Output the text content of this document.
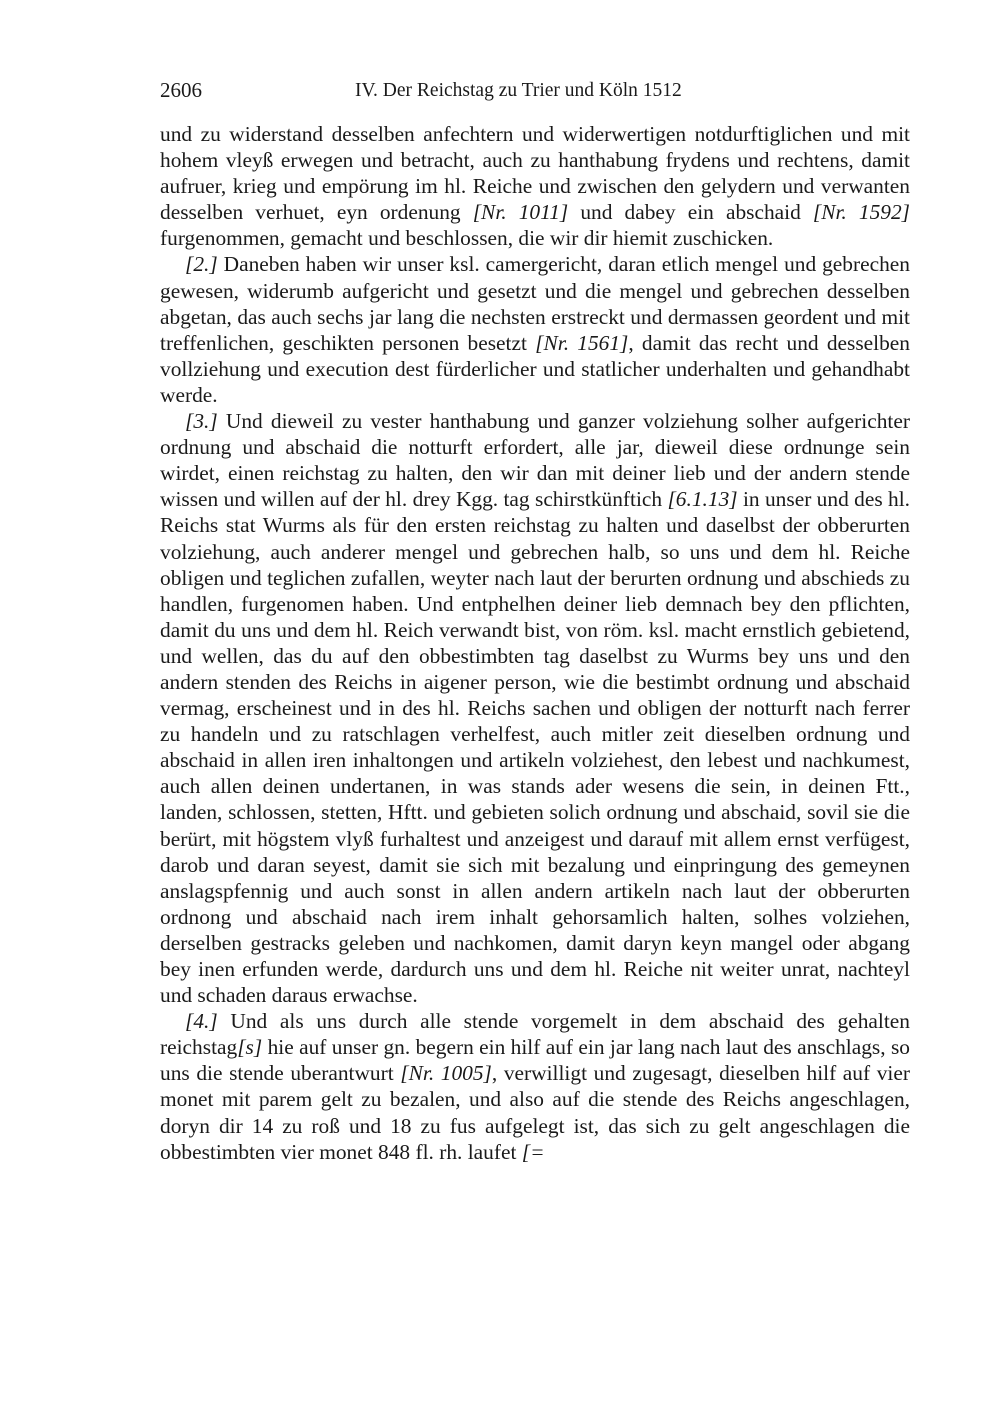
2606	IV. Der Reichstag zu Trier und Köln 1512

und zu widerstand desselben anfechtern und widerwertigen notdurftiglichen und mit hohem vleyß erwegen und betracht, auch zu hanthabung frydens und rechtens, damit aufruer, krieg und empörung im hl. Reiche und zwischen den gelydern und verwanten desselben verhuet, eyn ordenung [Nr. 1011] und dabey ein abschaid [Nr. 1592] furgenommen, gemacht und beschlossen, die wir dir hiemit zuschicken.

[2.] Daneben haben wir unser ksl. camergericht, daran etlich mengel und gebrechen gewesen, widerumb aufgericht und gesetzt und die mengel und gebrechen desselben abgetan, das auch sechs jar lang die nechsten erstreckt und dermassen geordent und mit treffenlichen, geschikten personen besetzt [Nr. 1561], damit das recht und desselben vollziehung und execution dest fürderlicher und statlicher underhalten und gehandhabt werde.

[3.] Und dieweil zu vester hanthabung und ganzer volziehung solher aufgerichter ordnung und abschaid die notturft erfordert, alle jar, dieweil diese ordnunge sein wirdet, einen reichstag zu halten, den wir dan mit deiner lieb und der andern stende wissen und willen auf der hl. drey Kgg. tag schirstkünftich [6.1.13] in unser und des hl. Reichs stat Wurms als für den ersten reichstag zu halten und daselbst der obberurten volziehung, auch anderer mengel und gebrechen halb, so uns und dem hl. Reiche obligen und teglichen zufallen, weyter nach laut der berurten ordnung und abschieds zu handlen, furgenomen haben. Und entphelhen deiner lieb demnach bey den pflichten, damit du uns und dem hl. Reich verwandt bist, von röm. ksl. macht ernstlich gebietend, und wellen, das du auf den obbestimbten tag daselbst zu Wurms bey uns und den andern stenden des Reichs in aigener person, wie die bestimbt ordnung und abschaid vermag, erscheinest und in des hl. Reichs sachen und obligen der notturft nach ferrer zu handeln und zu ratschlagen verhelfest, auch mitler zeit dieselben ordnung und abschaid in allen iren inhaltongen und artikeln volziehest, den lebest und nachkumest, auch allen deinen undertanen, in was stands ader wesens die sein, in deinen Ftt., landen, schlossen, stetten, Hftt. und gebieten solich ordnung und abschaid, sovil sie die berürt, mit högstem vlyß furhaltest und anzeigest und darauf mit allem ernst verfügest, darob und daran seyest, damit sie sich mit bezalung und einpringung des gemeynen anslagspfennig und auch sonst in allen andern artikeln nach laut der obberurten ordnong und abschaid nach irem inhalt gehorsamlich halten, solhes volziehen, derselben gestracks geleben und nachkomen, damit daryn keyn mangel oder abgang bey inen erfunden werde, dardurch uns und dem hl. Reiche nit weiter unrat, nachteyl und schaden daraus erwachse.

[4.] Und als uns durch alle stende vorgemelt in dem abschaid des gehalten reichstag[s] hie auf unser gn. begern ein hilf auf ein jar lang nach laut des anschlags, so uns die stende uberantwurt [Nr. 1005], verwilligt und zugesagt, dieselben hilf auf vier monet mit parem gelt zu bezalen, und also auf die stende des Reichs angeschlagen, doryn dir 14 zu roß und 18 zu fus aufgelegt ist, das sich zu gelt angeschlagen die obbestimbten vier monet 848 fl. rh. laufet [=
